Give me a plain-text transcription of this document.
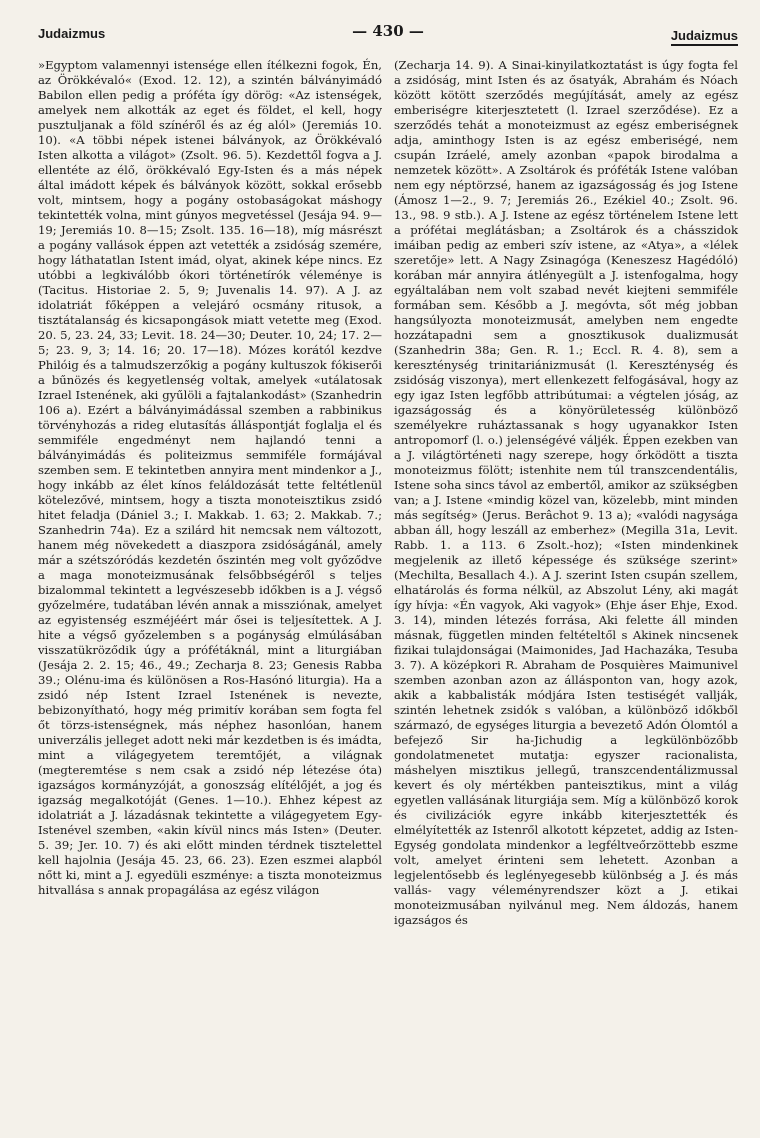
Judaizmus	— 430 —	Judaizmus

»Egyptom valamennyi istensége ellen ítélkezni fogok, Én, az Örökkévaló« (Exod. 12. 12), a szintén bálványimádó Babilon ellen pedig a próféta így dörög: «Az istenségek, amelyek nem alkották az eget és földet, el kell, hogy pusztuljanak a föld színéről és az ég alól» (Jeremiás 10. 10). «A többi népek istenei bálványok, az Örökkévaló Isten alkotta a világot» (Zsolt. 96. 5). Kezdettől fogva a J. ellentéte az élő, örökkévaló Egy-Isten és a más népek által imádott képek és bálványok között, sokkal erősebb volt, mintsem, hogy a pogány ostobaságokat máshogy tekintették volna, mint gúnyos megvetéssel (Jesája 94. 9—19; Jeremiás 10. 8—15; Zsolt. 135. 16—18), míg másrészt a pogány vallások éppen azt vetették a zsidóság szemére, hogy láthatatlan Istent imád, olyat, akinek képe nincs. Ez utóbbi a legkiválóbb ókori történetírók véleménye is (Tacitus. Historiae 2. 5, 9; Juvenalis 14. 97). A J. az idolatriát főképpen a velejáró ocsmány ritusok, a tisztátalanság és kicsapongások miatt vetette meg (Exod. 20. 5, 23. 24, 33; Levit. 18. 24—30; Deuter. 10, 24; 17. 2—5; 23. 9, 3; 14. 16; 20. 17—18). Mózes korától kezdve Philóig és a talmudszerzőkig a pogány kultuszok fókiserői a bűnözés és kegyetlenség voltak, amelyek «utálatosak Izrael Istenének, aki gyűlöli a fajtalankodást» (Szanhedrin 106 a). Ezért a bálványimádással szemben a rabbinikus törvényhozás a rideg elutasítás álláspontját foglalja el és semmiféle engedményt nem hajlandó tenni a bálványimádás és politeizmus semmiféle formájával szemben sem. E tekintetben annyira ment mindenkor a J., hogy inkább az élet kínos feláldozását tette feltétlenül kötelezővé, mintsem, hogy a tiszta monoteisztikus zsidó hitet feladja (Dániel 3.; I. Makkab. 1. 63; 2. Makkab. 7.; Szanhedrin 74a). Ez a szilárd hit nemcsak nem változott, hanem még növekedett a diaszpora zsidóságánál, amely már a szétszóródás kezdetén őszintén meg volt győződve a maga monoteizmusának felsőbbségéről s teljes bizalommal tekintett a legvészesebb időkben is a J. végső győzelmére, tudatában lévén annak a missziónak, amelyet az egyistenség eszméjéért már ősei is teljesítettek. A J. hite a végső győzelemben s a pogányság elmúlásában visszatükröződik úgy a prófétáknál, mint a liturgiában (Jesája 2. 2. 15; 46., 49.; Zecharja 8. 23; Genesis Rabba 39.; Olénu-ima és különösen a Ros-Hasónó liturgia). Ha a zsidó nép Istent Izrael Istenének is nevezte, bebizonyítható, hogy még primitív korában sem fogta fel őt törzs-istenségnek, más néphez hasonlóan, hanem univerzális jelleget adott neki már kezdetben is és imádta, mint a világegyetem teremtőjét, a világnak (megteremtése s nem csak a zsidó nép létezése óta) igazságos kormányzóját, a gonoszság elítélőjét, a jog és igazság megalkotóját (Genes. 1—10.). Ehhez képest az idolatriát a J. lázadásnak tekintette a világegyetem Egy-Istenével szemben, «akin kívül nincs más Isten» (Deuter. 5. 39; Jer. 10. 7) és aki előtt minden térdnek tisztelettel kell hajolnia (Jesája 45. 23, 66. 23). Ezen eszmei alapból nőtt ki, mint a J. egyedüli eszménye: a tiszta monoteizmus hitvallása s annak propagálása az egész világon

(Zecharja 14. 9). A Sinai-kinyilatkoztatást is úgy fogta fel a zsidóság, mint Isten és az ősatyák, Abrahám és Nóach között kötött szerződés megújítását, amely az egész emberiségre kiterjesztetett (l. Izrael szerződése). Ez a szerződés tehát a monoteizmust az egész emberiségnek adja, aminthogy Isten is az egész emberiségé, nem csupán Izráelé, amely azonban «papok birodalma a nemzetek között». A Zsoltárok és próféták Istene valóban nem egy néptörzsé, hanem az igazságosság és jog Istene (Ámosz 1—2., 9. 7; Jeremiás 26., Ezékiel 40.; Zsolt. 96. 13., 98. 9 stb.). A J. Istene az egész történelem Istene lett a prófétai meglátásban; a Zsoltárok és a chásszidok imáiban pedig az emberi szív istene, az «Atya», a «lélek szeretője» lett. A Nagy Zsinagóga (Keneszesz Hagédóló) korában már annyira átlényegült a J. istenfogalma, hogy egyáltalában nem volt szabad nevét kiejteni semmiféle formában sem. Később a J. megóvta, sőt még jobban hangsúlyozta monoteizmusát, amelyben nem engedte hozzátapadni sem a gnosztikusok dualizmusát (Szanhedrin 38a; Gen. R. 1.; Eccl. R. 4. 8), sem a kereszténység trinitariánizmusát (l. Kereszténység és zsidóság viszonya), mert ellenkezett felfogásával, hogy az egy igaz Isten legfőbb attribútumai: a végtelen jóság, az igazságosság és a könyörületesség különböző személyekre ruháztassanak s hogy ugyanakkor Isten antropomorf (l. o.) jelenségévé váljék. Éppen ezekben van a J. világtörténeti nagy szerepe, hogy őrködött a tiszta monoteizmus fölött; istenhite nem túl transzcendentális, Istene soha sincs távol az embertől, amikor az szükségben van; a J. Istene «mindig közel van, közelebb, mint minden más segítség» (Jerus. Berâchot 9. 13 a); «valódi nagysága abban áll, hogy leszáll az emberhez» (Megilla 31a, Levit. Rabb. 1. a 113. 6 Zsolt.-hoz); «Isten mindenkinek megjelenik az illető képessége és szüksége szerint» (Mechilta, Besallach 4.). A J. szerint Isten csupán szellem, elhatárolás és forma nélkül, az Abszolut Lény, aki magát így hívja: «Én vagyok, Aki vagyok» (Ehje áser Ehje, Exod. 3. 14), minden létezés forrása, Aki felette áll minden másnak, független minden feltételtől s Akinek nincsenek fizikai tulajdonságai (Maimonides, Jad Hachazáka, Tesuba 3. 7). A középkori R. Abraham de Posquières Maimunivel szemben azonban azon az állásponton van, hogy azok, akik a kabbalisták módjára Isten testiségét vallják, szintén lehetnek zsidók s valóban, a különböző időkből származó, de egységes liturgia a bevezető Adón Ólomtól a befejező Sir ha-Jichudig a legkülönbözőbb gondolatmenetet mutatja: egyszer racionalista, máshelyen misztikus jellegű, transzcendentálizmussal kevert és oly mértékben panteisztikus, mint a világ egyetlen vallásának liturgiája sem. Míg a különböző korok és civilizációk egyre inkább kiterjesztették és elmélyítették az Istenről alkotott képzetet, addig az Isten-Egység gondolata mindenkor a legféltveőrzöttebb eszme volt, amelyet érinteni sem lehetett. Azonban a legjelentősebb és leglényegesebb különbség a J. és más vallás- vagy véleményrendszer közt a J. etikai monoteizmusában nyilvánul meg. Nem áldozás, hanem igazságos és
